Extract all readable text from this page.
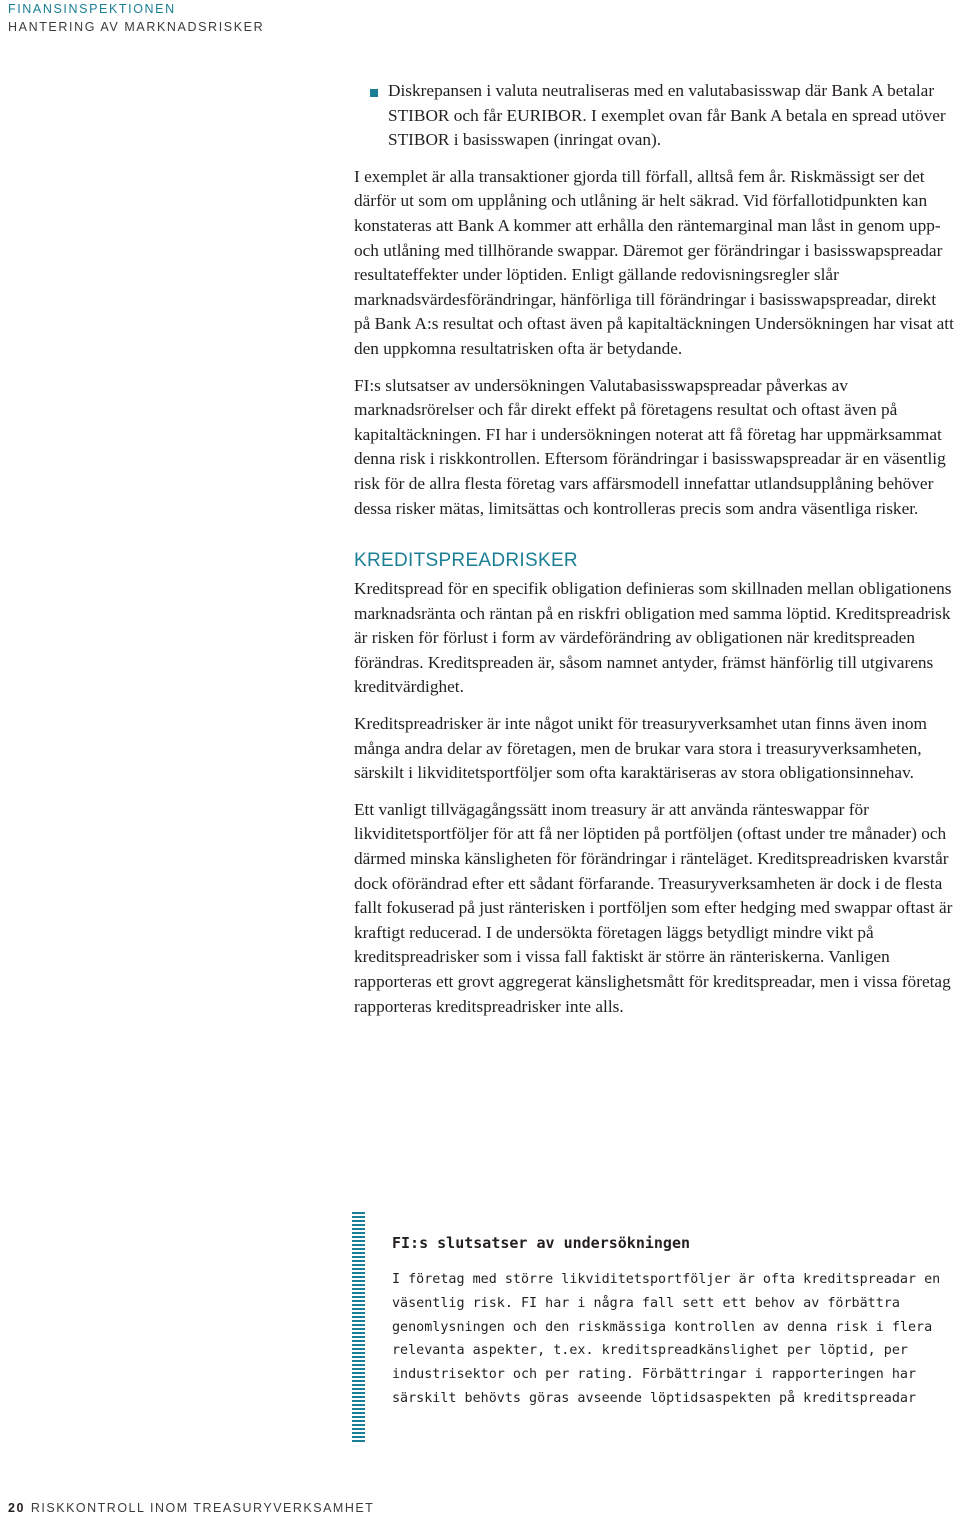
FINANSINSPEKTIONEN
HANTERING AV MARKNADSRISKER
Diskrepansen i valuta neutraliseras med en valutabasisswap där Bank A betalar STIBOR och får EURIBOR. I exemplet ovan får Bank A betala en spread utöver STIBOR i basisswapen (inringat ovan).

I exemplet är alla transaktioner gjorda till förfall, alltså fem år. Riskmässigt ser det därför ut som om upplåning och utlåning är helt säkrad. Vid förfallotidpunkten kan konstateras att Bank A kommer att erhålla den räntemarginal man låst in genom upp- och utlåning med tillhörande swappar. Däremot ger förändringar i basisswapspreadar resultateffekter under löptiden. Enligt gällande redovisningsregler slår marknadsvärdesförändringar, hänförliga till förändringar i basisswapspreadar, direkt på Bank A:s resultat och oftast även på kapitaltäckningen Undersökningen har visat att den uppkomna resultatrisken ofta är betydande.

FI:s slutsatser av undersökningen Valutabasisswapspreadar påverkas av marknadsrörelser och får direkt effekt på företagens resultat och oftast även på kapitaltäckningen. FI har i undersökningen noterat att få företag har uppmärksammat denna risk i riskkontrollen. Eftersom förändringar i basisswapspreadar är en väsentlig risk för de allra flesta företag vars affärsmodell innefattar utlandsupplåning behöver dessa risker mätas, limitsättas och kontrolleras precis som andra väsentliga risker.

KREDITSPREADRISKER

Kreditspread för en specifik obligation definieras som skillnaden mellan obligationens marknadsränta och räntan på en riskfri obligation med samma löptid. Kreditspreadrisk är risken för förlust i form av värdeförändring av obligationen när kreditspreaden förändras. Kreditspreaden är, såsom namnet antyder, främst hänförlig till utgivarens kreditvärdighet.

Kreditspreadrisker är inte något unikt för treasuryverksamhet utan finns även inom många andra delar av företagen, men de brukar vara stora i treasuryverksamheten, särskilt i likviditetsportföljer som ofta karaktäriseras av stora obligationsinnehav.

Ett vanligt tillvägagångssätt inom treasury är att använda ränteswappar för likviditetsportföljer för att få ner löptiden på portföljen (oftast under tre månader) och därmed minska känsligheten för förändringar i ränteläget. Kreditspreadrisken kvarstår dock oförändrad efter ett sådant förfarande. Treasuryverksamheten är dock i de flesta fallt fokuserad på just ränterisken i portföljen som efter hedging med swappar oftast är kraftigt reducerad. I de undersökta företagen läggs betydligt mindre vikt på kreditspreadrisker som i vissa fall faktiskt är större än ränteriskerna. Vanligen rapporteras ett grovt aggregerat känslighetsmått för kreditspreadar, men i vissa företag rapporteras kreditspreadrisker inte alls.

FI:s slutsatser av undersökningen
I företag med större likviditetsportföljer är ofta kreditspreadar en väsentlig risk. FI har i några fall sett ett behov av förbättra genomlysningen och den riskmässiga kontrollen av denna risk i flera relevanta aspekter, t.ex. kreditspreadkänslighet per löptid, per industrisektor och per rating. Förbättringar i rapporteringen har särskilt behövts göras avseende löptidsaspekten på kreditspreadar
20 RISKKONTROLL INOM TREASURYVERKSAMHET
